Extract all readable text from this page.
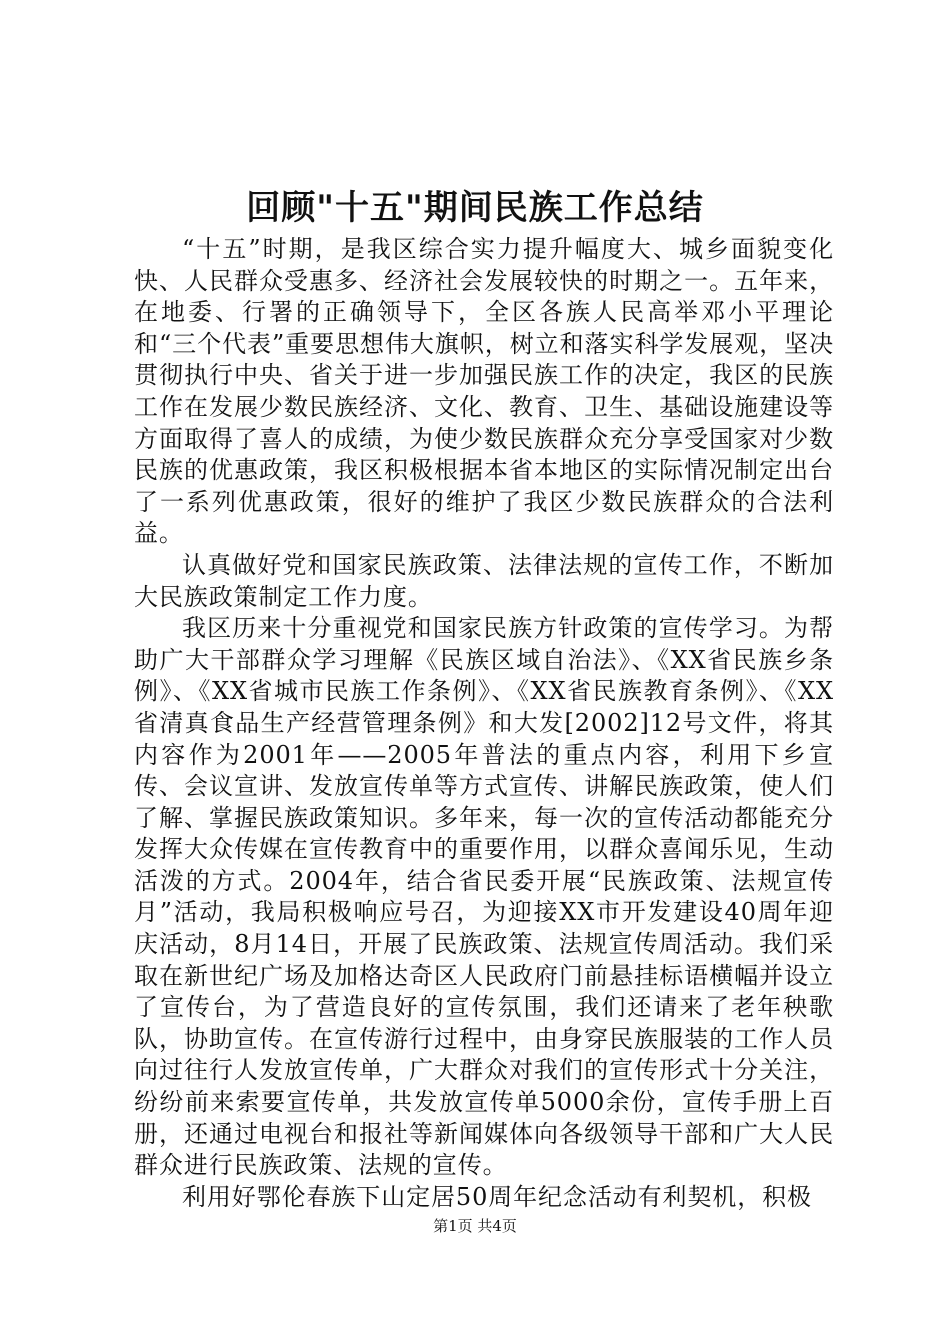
回顾"十五"期间民族工作总结

“十五”时期，是我区综合实力提升幅度大、城乡面貌变化快、人民群众受惠多、经济社会发展较快的时期之一。五年来，在地委、行署的正确领导下，全区各族人民高举邓小平理论和“三个代表”重要思想伟大旗帜，树立和落实科学发展观，坚决贯彻执行中央、省关于进一步加强民族工作的决定，我区的民族工作在发展少数民族经济、文化、教育、卫生、基础设施建设等方面取得了喜人的成绩，为使少数民族群众充分享受国家对少数民族的优惠政策，我区积极根据本省本地区的实际情况制定出台了一系列优惠政策，很好的维护了我区少数民族群众的合法利益。

认真做好党和国家民族政策、法律法规的宣传工作，不断加大民族政策制定工作力度。

我区历来十分重视党和国家民族方针政策的宣传学习。为帮助广大干部群众学习理解《民族区域自治法》、《XX省民族乡条例》、《XX省城市民族工作条例》、《XX省民族教育条例》、《XX省清真食品生产经营管理条例》和大发[2002]12号文件，将其内容作为2001年——2005年普法的重点内容，利用下乡宣传、会议宣讲、发放宣传单等方式宣传、讲解民族政策，使人们了解、掌握民族政策知识。多年来，每一次的宣传活动都能充分发挥大众传媒在宣传教育中的重要作用，以群众喜闻乐见，生动活泼的方式。2004年，结合省民委开展“民族政策、法规宣传月”活动，我局积极响应号召，为迎接XX市开发建设40周年迎庆活动，8月14日，开展了民族政策、法规宣传周活动。我们采取在新世纪广场及加格达奇区人民政府门前悬挂标语横幅并设立了宣传台，为了营造良好的宣传氛围，我们还请来了老年秧歌队，协助宣传。在宣传游行过程中，由身穿民族服装的工作人员向过往行人发放宣传单，广大群众对我们的宣传形式十分关注，纷纷前来索要宣传单，共发放宣传单5000余份，宣传手册上百册，还通过电视台和报社等新闻媒体向各级领导干部和广大人民群众进行民族政策、法规的宣传。

利用好鄂伦春族下山定居50周年纪念活动有利契机，积极

第1页 共4页
